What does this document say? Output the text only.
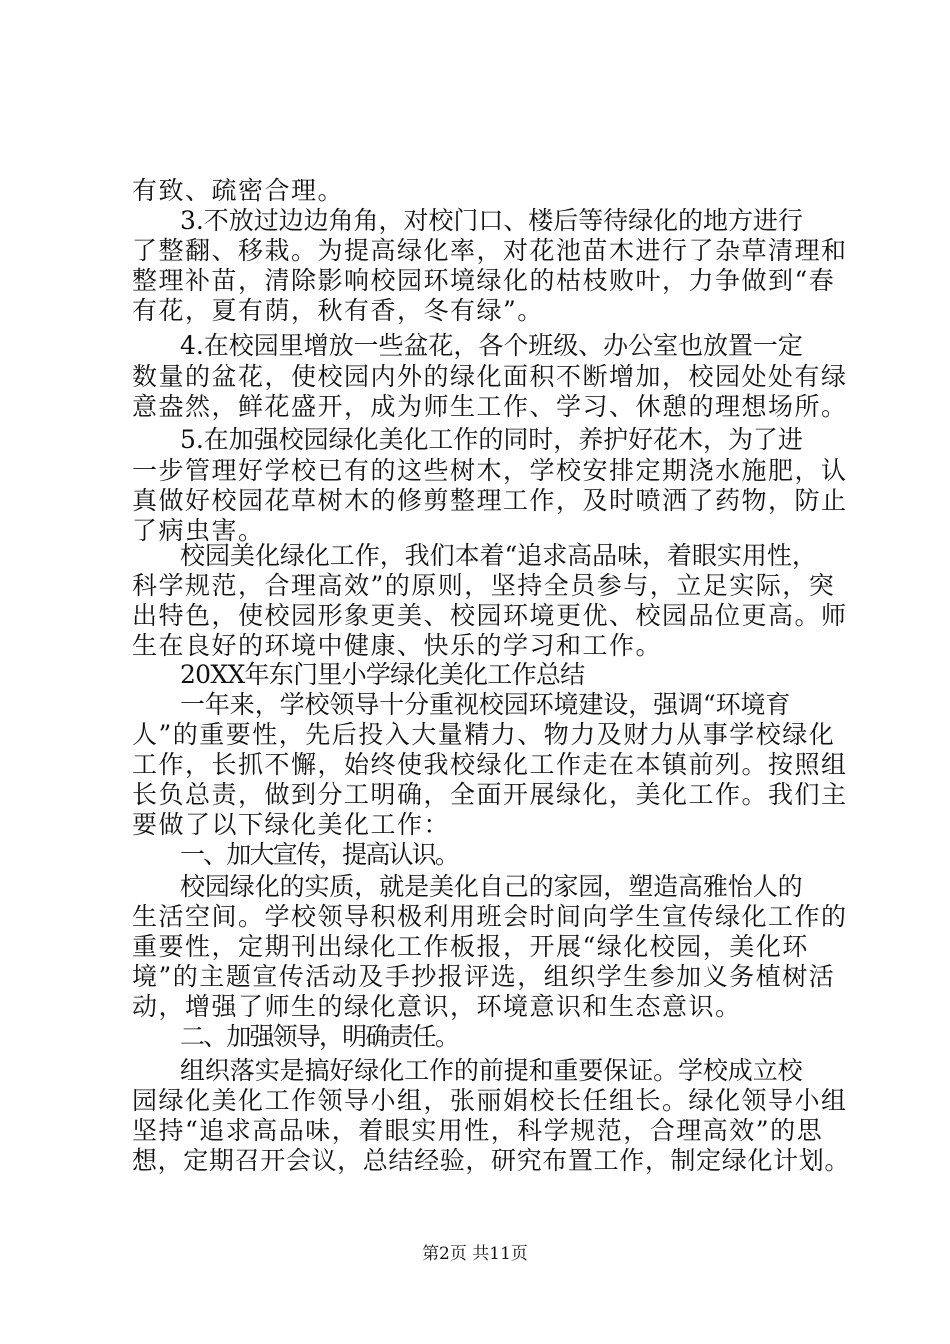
有致、疏密合理。
3.不放过边边角角，对校门口、楼后等待绿化的地方进行
了整翻、移栽。为提高绿化率，对花池苗木进行了杂草清理和
整理补苗，清除影响校园环境绿化的枯枝败叶，力争做到“春
有花，夏有荫，秋有香，冬有绿”。
4.在校园里增放一些盆花，各个班级、办公室也放置一定
数量的盆花，使校园内外的绿化面积不断增加，校园处处有绿
意盎然，鲜花盛开，成为师生工作、学习、休憩的理想场所。
5.在加强校园绿化美化工作的同时，养护好花木，为了进
一步管理好学校已有的这些树木，学校安排定期浇水施肥，认
真做好校园花草树木的修剪整理工作，及时喷洒了药物，防止
了病虫害。
校园美化绿化工作，我们本着“追求高品味，着眼实用性，
科学规范，合理高效”的原则，坚持全员参与，立足实际，突
出特色，使校园形象更美、校园环境更优、校园品位更高。师
生在良好的环境中健康、快乐的学习和工作。
20XX年东门里小学绿化美化工作总结
一年来，学校领导十分重视校园环境建设，强调“环境育
人”的重要性，先后投入大量精力、物力及财力从事学校绿化
工作，长抓不懈，始终使我校绿化工作走在本镇前列。按照组
长负总责，做到分工明确，全面开展绿化，美化工作。我们主
要做了以下绿化美化工作：
一、加大宣传，提高认识。
校园绿化的实质，就是美化自己的家园，塑造高雅怡人的
生活空间。学校领导积极利用班会时间向学生宣传绿化工作的
重要性，定期刊出绿化工作板报，开展“绿化校园，美化环
境”的主题宣传活动及手抄报评选，组织学生参加义务植树活
动，增强了师生的绿化意识，环境意识和生态意识。
二、加强领导，明确责任。
组织落实是搞好绿化工作的前提和重要保证。学校成立校
园绿化美化工作领导小组，张丽娟校长任组长。绿化领导小组
坚持“追求高品味，着眼实用性，科学规范，合理高效”的思
想，定期召开会议，总结经验，研究布置工作，制定绿化计划。
第2页 共11页
